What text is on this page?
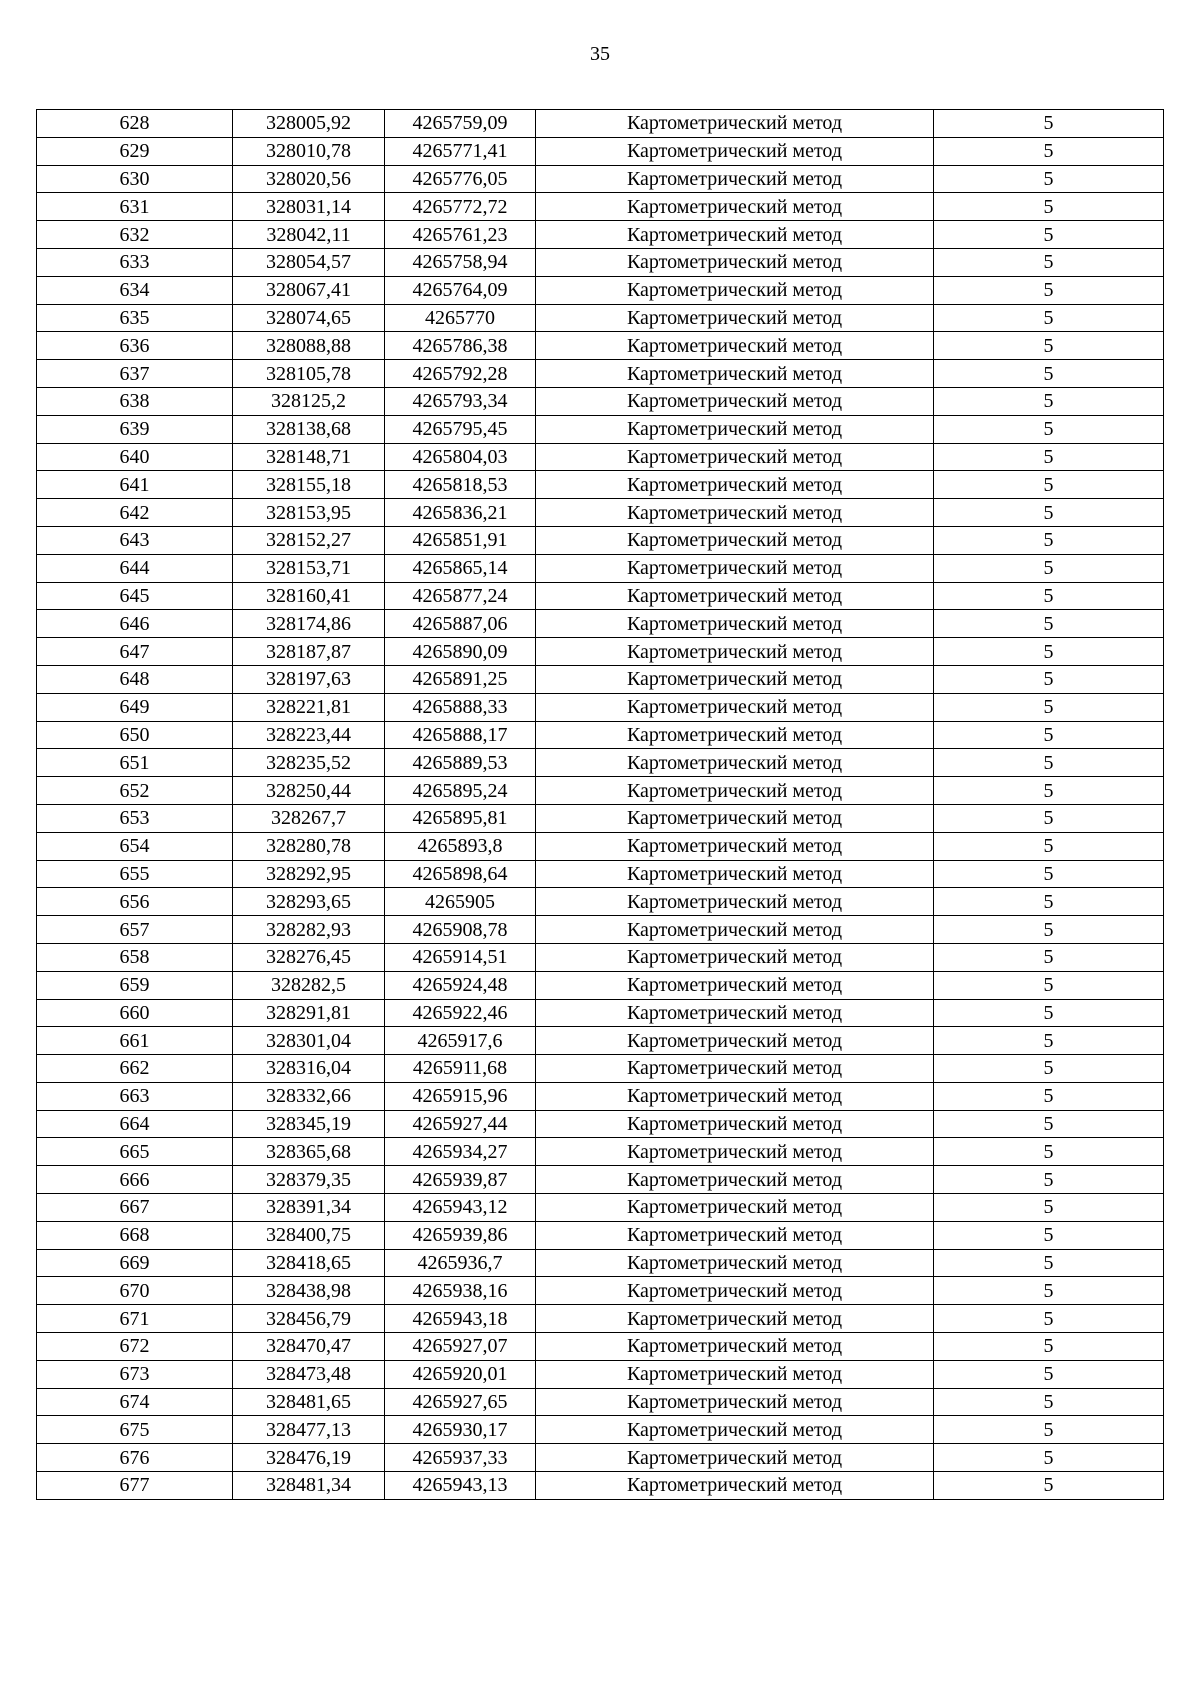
35
628	328005,92	4265759,09	Картометрический метод	5
629	328010,78	4265771,41	Картометрический метод	5
630	328020,56	4265776,05	Картометрический метод	5
631	328031,14	4265772,72	Картометрический метод	5
632	328042,11	4265761,23	Картометрический метод	5
633	328054,57	4265758,94	Картометрический метод	5
634	328067,41	4265764,09	Картометрический метод	5
635	328074,65	4265770	Картометрический метод	5
636	328088,88	4265786,38	Картометрический метод	5
637	328105,78	4265792,28	Картометрический метод	5
638	328125,2	4265793,34	Картометрический метод	5
639	328138,68	4265795,45	Картометрический метод	5
640	328148,71	4265804,03	Картометрический метод	5
641	328155,18	4265818,53	Картометрический метод	5
642	328153,95	4265836,21	Картометрический метод	5
643	328152,27	4265851,91	Картометрический метод	5
644	328153,71	4265865,14	Картометрический метод	5
645	328160,41	4265877,24	Картометрический метод	5
646	328174,86	4265887,06	Картометрический метод	5
647	328187,87	4265890,09	Картометрический метод	5
648	328197,63	4265891,25	Картометрический метод	5
649	328221,81	4265888,33	Картометрический метод	5
650	328223,44	4265888,17	Картометрический метод	5
651	328235,52	4265889,53	Картометрический метод	5
652	328250,44	4265895,24	Картометрический метод	5
653	328267,7	4265895,81	Картометрический метод	5
654	328280,78	4265893,8	Картометрический метод	5
655	328292,95	4265898,64	Картометрический метод	5
656	328293,65	4265905	Картометрический метод	5
657	328282,93	4265908,78	Картометрический метод	5
658	328276,45	4265914,51	Картометрический метод	5
659	328282,5	4265924,48	Картометрический метод	5
660	328291,81	4265922,46	Картометрический метод	5
661	328301,04	4265917,6	Картометрический метод	5
662	328316,04	4265911,68	Картометрический метод	5
663	328332,66	4265915,96	Картометрический метод	5
664	328345,19	4265927,44	Картометрический метод	5
665	328365,68	4265934,27	Картометрический метод	5
666	328379,35	4265939,87	Картометрический метод	5
667	328391,34	4265943,12	Картометрический метод	5
668	328400,75	4265939,86	Картометрический метод	5
669	328418,65	4265936,7	Картометрический метод	5
670	328438,98	4265938,16	Картометрический метод	5
671	328456,79	4265943,18	Картометрический метод	5
672	328470,47	4265927,07	Картометрический метод	5
673	328473,48	4265920,01	Картометрический метод	5
674	328481,65	4265927,65	Картометрический метод	5
675	328477,13	4265930,17	Картометрический метод	5
676	328476,19	4265937,33	Картометрический метод	5
677	328481,34	4265943,13	Картометрический метод	5
